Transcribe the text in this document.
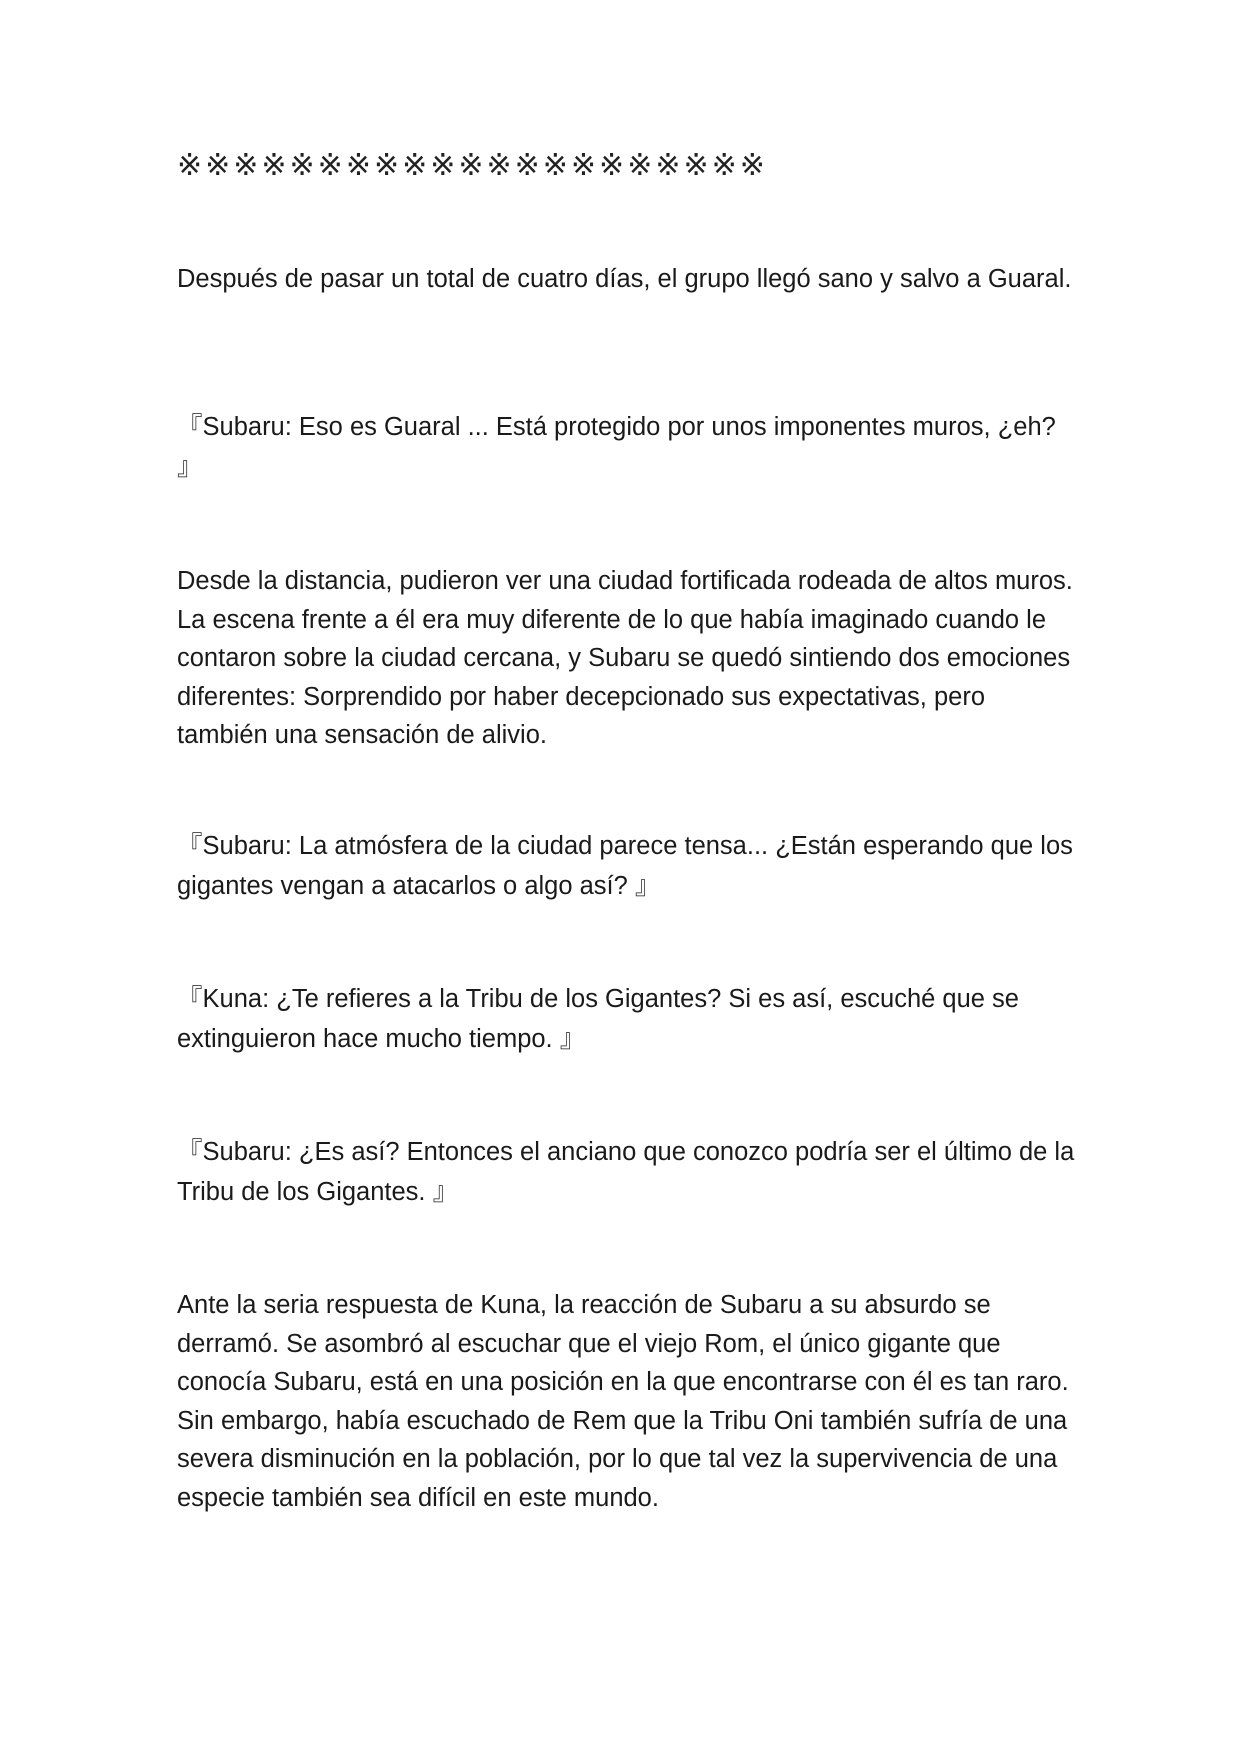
※※※※※※※※※※※※※※※※※※※※※

Después de pasar un total de cuatro días, el grupo llegó sano y salvo a Guaral.

『Subaru: Eso es Guaral ... Está protegido por unos imponentes muros, ¿eh? 』

Desde la distancia, pudieron ver una ciudad fortificada rodeada de altos muros. La escena frente a él era muy diferente de lo que había imaginado cuando le contaron sobre la ciudad cercana, y Subaru se quedó sintiendo dos emociones diferentes: Sorprendido por haber decepcionado sus expectativas, pero también una sensación de alivio.

『Subaru: La atmósfera de la ciudad parece tensa... ¿Están esperando que los gigantes vengan a atacarlos o algo así? 』

『Kuna: ¿Te refieres a la Tribu de los Gigantes? Si es así, escuché que se extinguieron hace mucho tiempo. 』

『Subaru: ¿Es así? Entonces el anciano que conozco podría ser el último de la Tribu de los Gigantes. 』

Ante la seria respuesta de Kuna, la reacción de Subaru a su absurdo se derramó. Se asombró al escuchar que el viejo Rom, el único gigante que conocía Subaru, está en una posición en la que encontrarse con él es tan raro. Sin embargo, había escuchado de Rem que la Tribu Oni también sufría de una severa disminución en la población, por lo que tal vez la supervivencia de una especie también sea difícil en este mundo.
